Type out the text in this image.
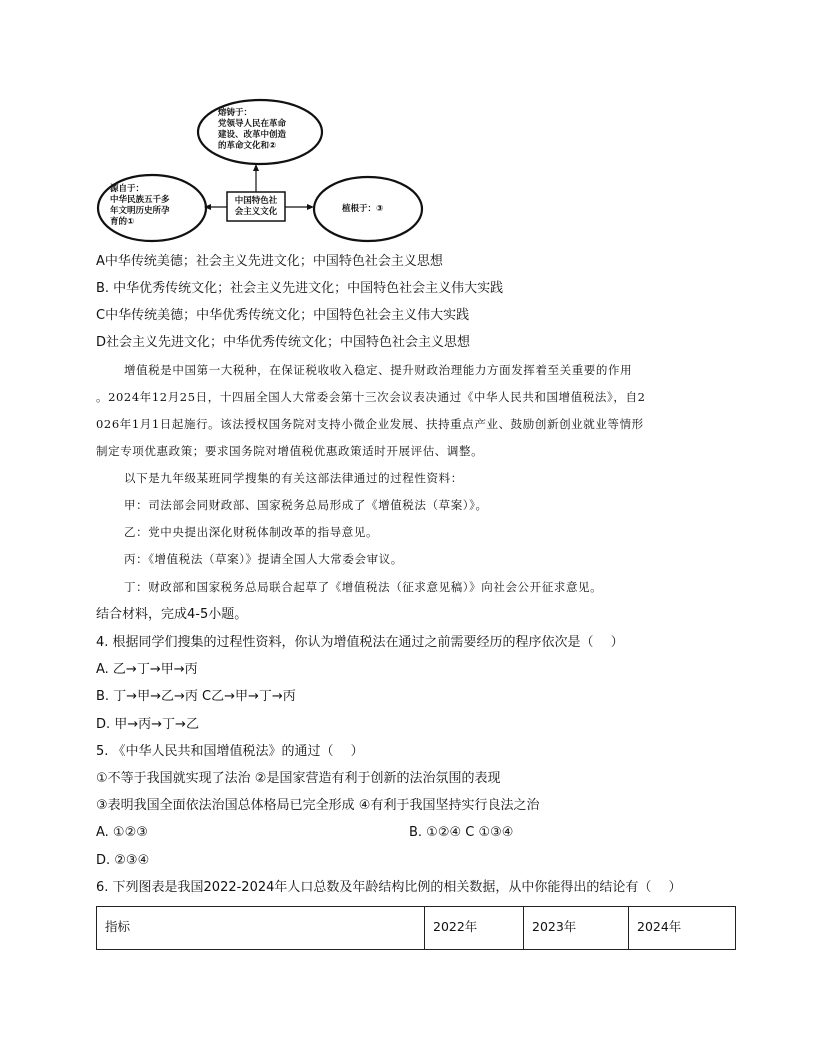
熔铸于：
党领导人民在革命
建设、改革中创造
的革命文化和②
源自于：
中华民族五千多
年文明历史所孕
育的①
中国特色社
会主义文化	植根于：③
A中华传统美德；社会主义先进文化；中国特色社会主义思想
B. 中华优秀传统文化；社会主义先进文化；中国特色社会主义伟大实践
C中华传统美德；中华优秀传统文化；中国特色社会主义伟大实践
D社会主义先进文化；中华优秀传统文化；中国特色社会主义思想
增值税是中国第一大税种，在保证税收收入稳定、提升财政治理能力方面发挥着至关重要的作用
。2024年12月25日，十四届全国人大常委会第十三次会议表决通过《中华人民共和国增值税法》，自2
026年1月1日起施行。该法授权国务院对支持小微企业发展、扶持重点产业、鼓励创新创业就业等情形
制定专项优惠政策；要求国务院对增值税优惠政策适时开展评估、调整。
以下是九年级某班同学搜集的有关这部法律通过的过程性资料：
甲：司法部会同财政部、国家税务总局形成了《增值税法（草案）》。
乙：党中央提出深化财税体制改革的指导意见。
丙：《增值税法（草案）》提请全国人大常委会审议。
丁：财政部和国家税务总局联合起草了《增值税法（征求意见稿）》向社会公开征求意见。
结合材料，完成4-5小题。
4. 根据同学们搜集的过程性资料，你认为增值税法在通过之前需要经历的程序依次是（　 ）
A. 乙→丁→甲→丙
B. 丁→甲→乙→丙 C乙→甲→丁→丙
D. 甲→丙→丁→乙
5. 《中华人民共和国增值税法》的通过（　 ）
①不等于我国就实现了法治 ②是国家营造有利于创新的法治氛围的表现
③表明我国全面依法治国总体格局已完全形成 ④有利于我国坚持实行良法之治
A. ①②③	B. ①②④ C ①③④
D. ②③④
6. 下列图表是我国2022-2024年人口总数及年龄结构比例的相关数据，从中你能得出的结论有（　 ）
指标	2022年	2023年	2024年
